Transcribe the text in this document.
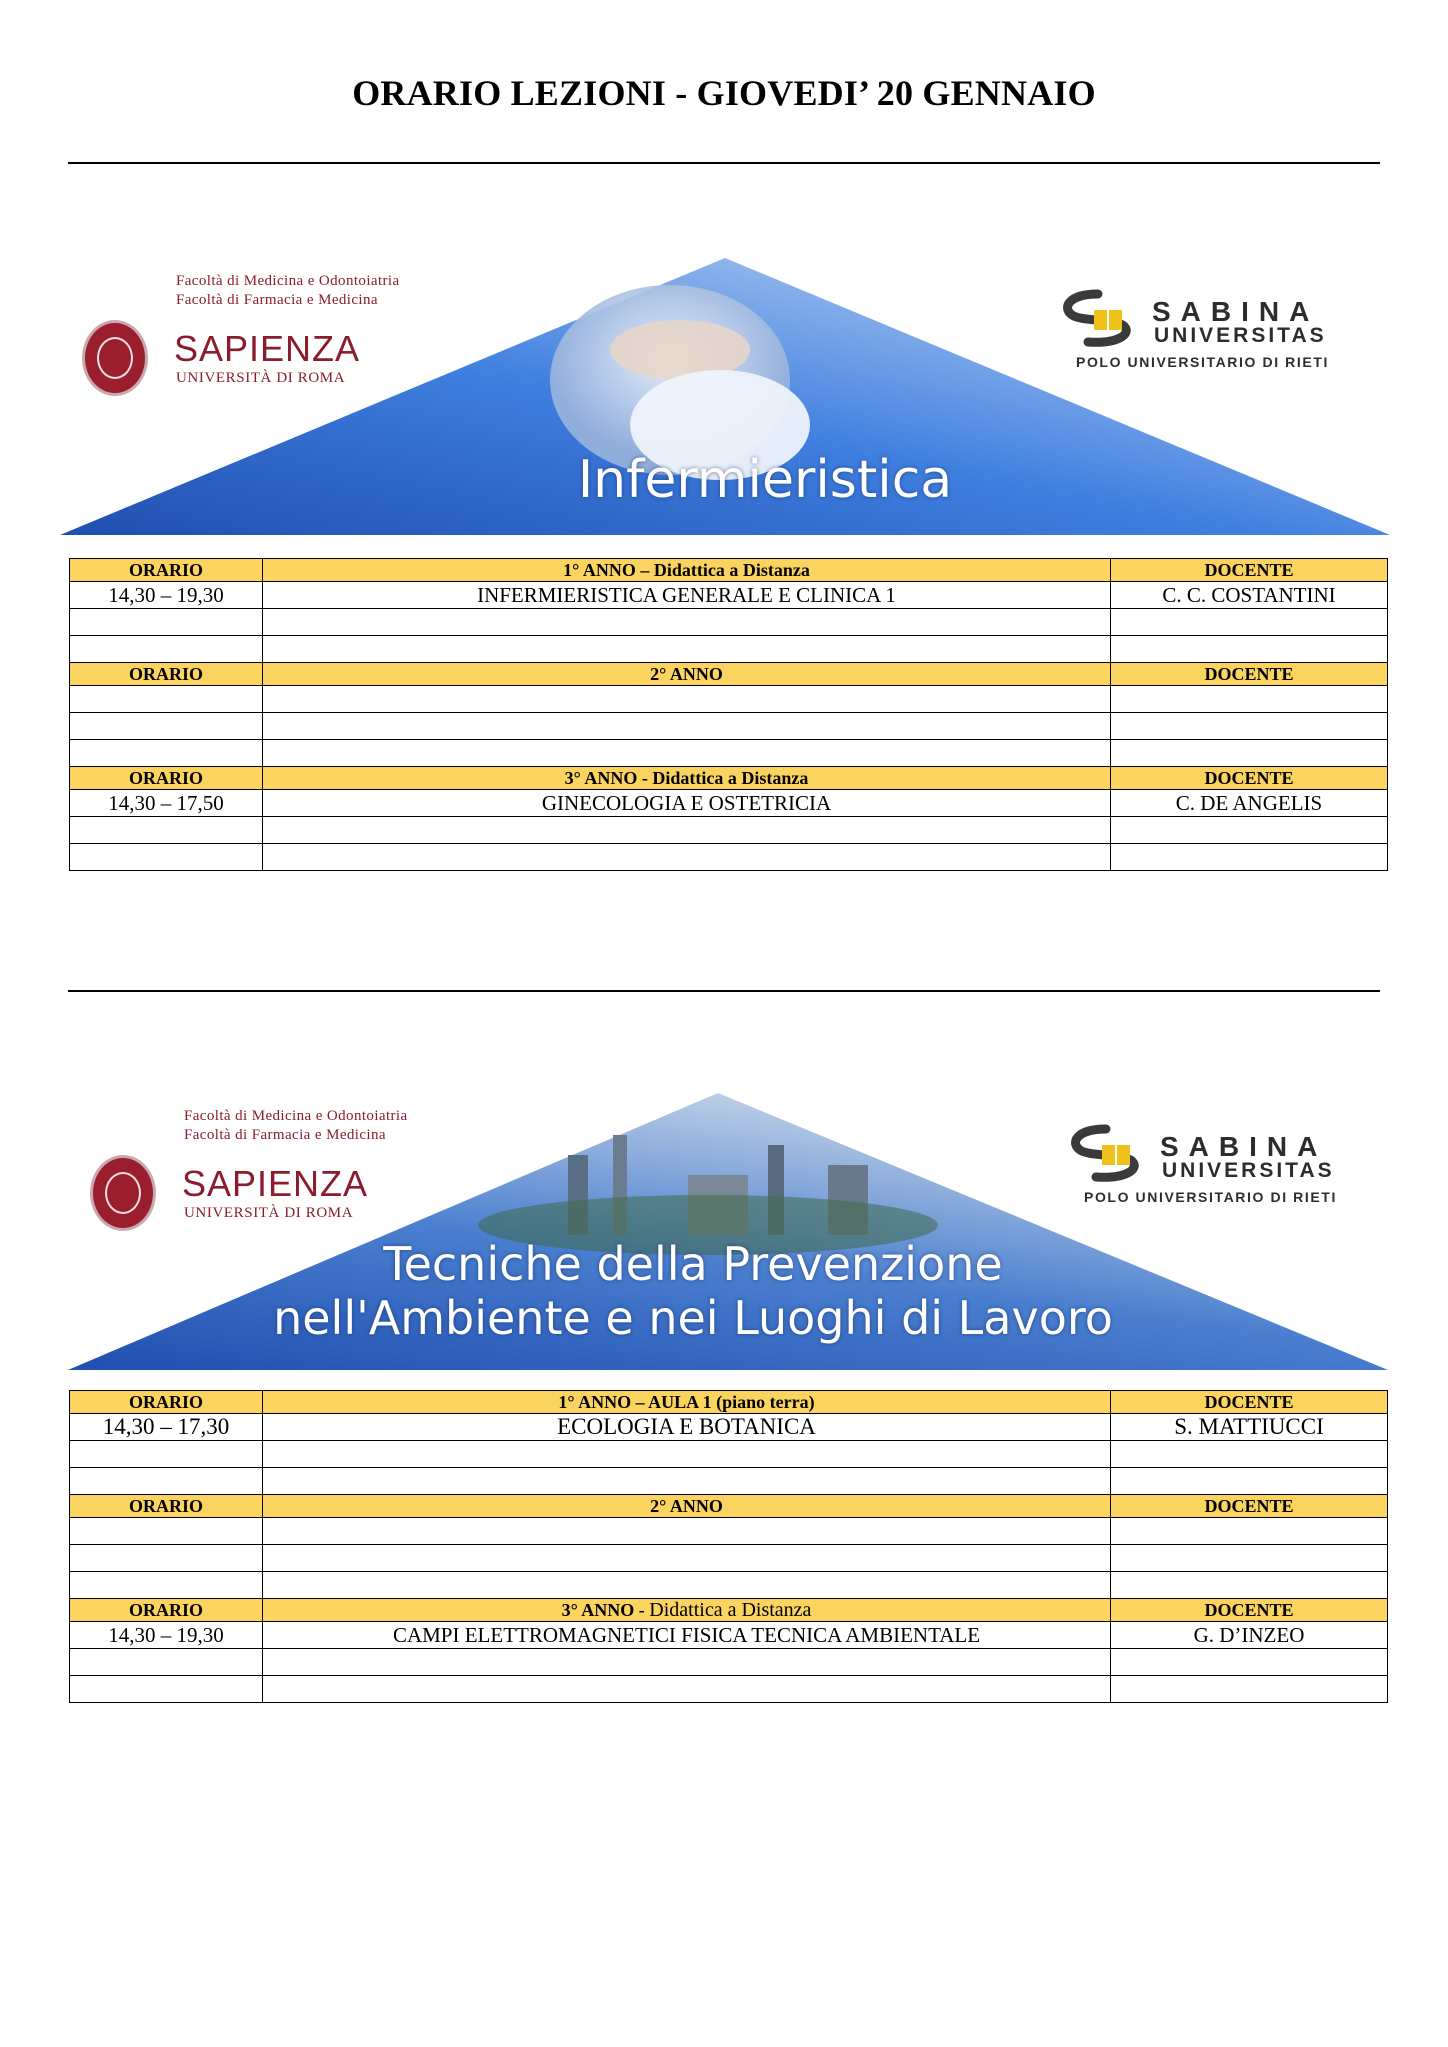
ORARIO LEZIONI - GIOVEDI’ 20 GENNAIO
Facoltà di Medicina e Odontoiatria
Facoltà di Farmacia e Medicina
SAPIENZA
UNIVERSITÀ DI ROMA
SABINA
UNIVERSITAS
POLO UNIVERSITARIO DI RIETI
Infermieristica
ORARIO	1° ANNO – Didattica a Distanza	DOCENTE
14,30 – 19,30	INFERMIERISTICA GENERALE E CLINICA 1	C. C. COSTANTINI

ORARIO	2° ANNO	DOCENTE

ORARIO	3° ANNO - Didattica a Distanza	DOCENTE
14,30 – 17,50	GINECOLOGIA E OSTETRICIA	C. DE ANGELIS

Facoltà di Medicina e Odontoiatria
Facoltà di Farmacia e Medicina
SAPIENZA
UNIVERSITÀ DI ROMA
SABINA
UNIVERSITAS
POLO UNIVERSITARIO DI RIETI
Tecniche della Prevenzione
nell'Ambiente e nei Luoghi di Lavoro
ORARIO	1° ANNO – AULA 1 (piano terra)	DOCENTE
14,30 – 17,30	ECOLOGIA E BOTANICA	S. MATTIUCCI

ORARIO	2° ANNO	DOCENTE

ORARIO	3° ANNO - Didattica a Distanza	DOCENTE
14,30 – 19,30	CAMPI ELETTROMAGNETICI FISICA TECNICA AMBIENTALE	G. D’INZEO
